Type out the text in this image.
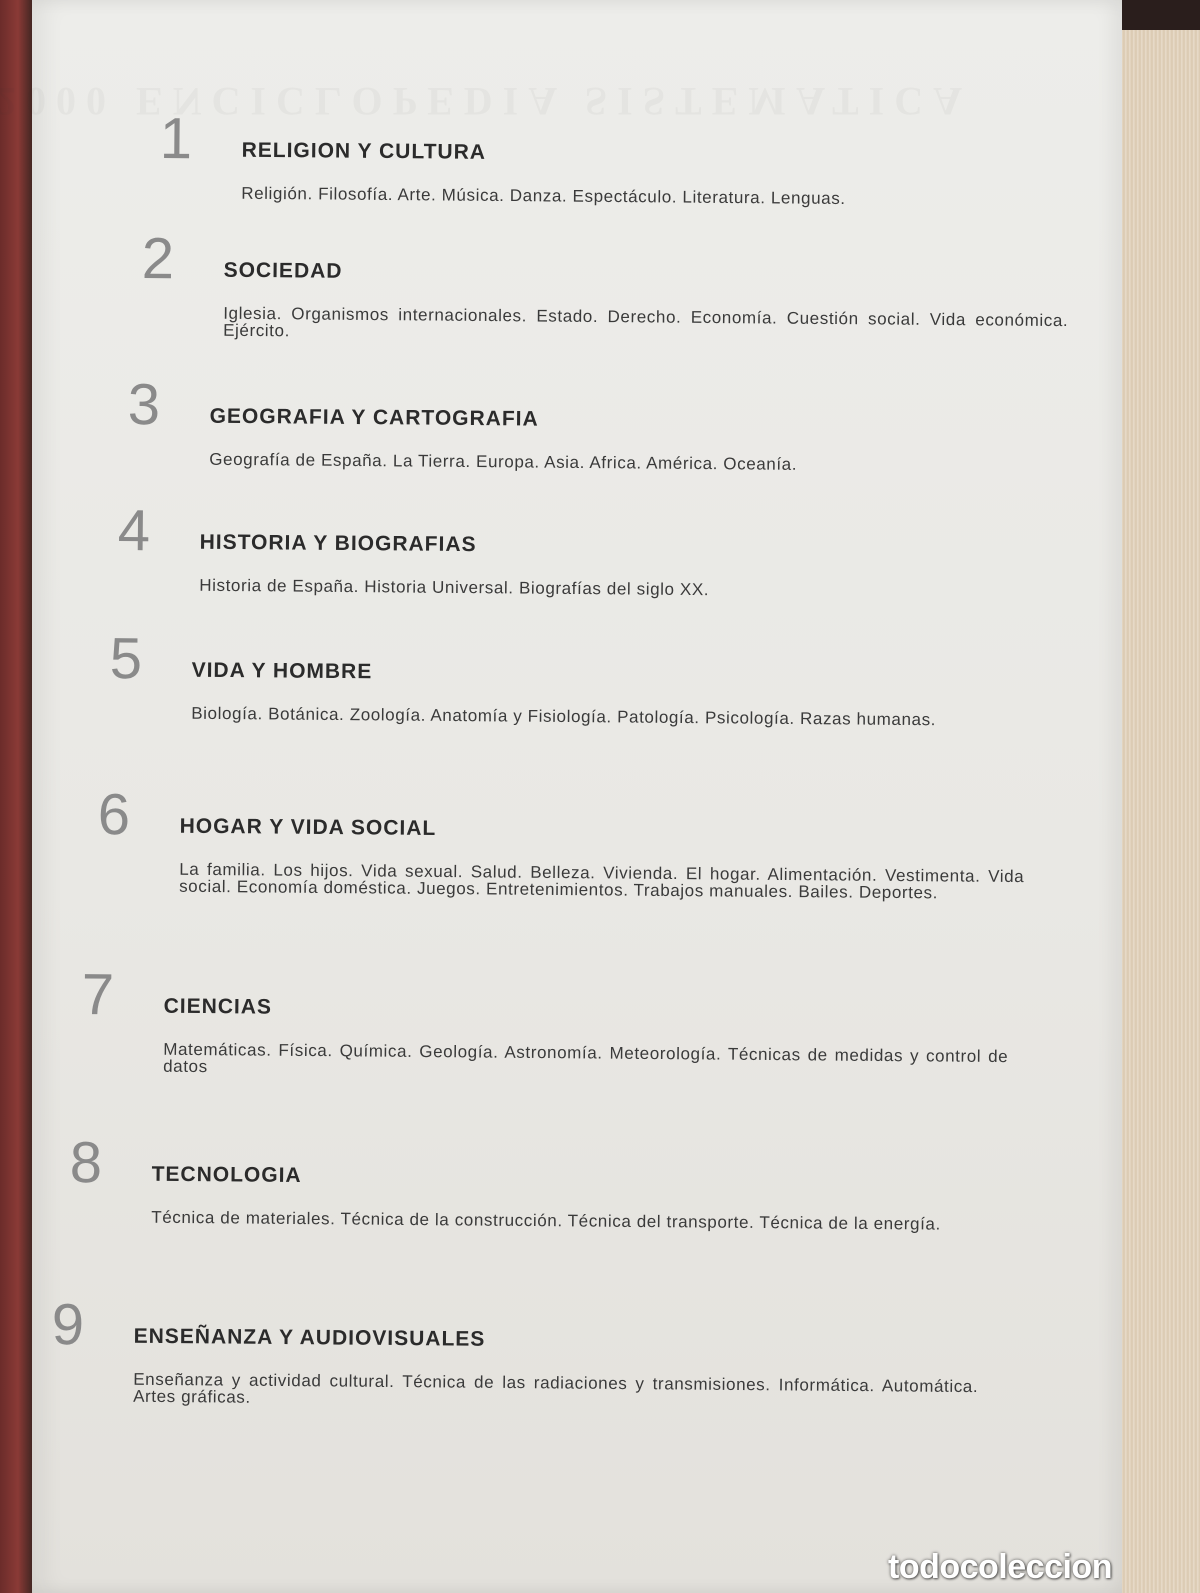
1	RELIGION Y CULTURA
Religión. Filosofía. Arte. Música. Danza. Espectáculo. Literatura. Lenguas.
2	SOCIEDAD
Iglesia. Organismos internacionales. Estado. Derecho. Economía. Cuestión social. Vida económica. Ejército.
3	GEOGRAFIA Y CARTOGRAFIA
Geografía de España. La Tierra. Europa. Asia. Africa. América. Oceanía.
4	HISTORIA Y BIOGRAFIAS
Historia de España. Historia Universal. Biografías del siglo XX.
5	VIDA Y HOMBRE
Biología. Botánica. Zoología. Anatomía y Fisiología. Patología. Psicología. Razas humanas.
6	HOGAR Y VIDA SOCIAL
La familia. Los hijos. Vida sexual. Salud. Belleza. Vivienda. El hogar. Alimentación. Vestimenta. Vida social. Economía doméstica. Juegos. Entretenimientos. Trabajos manuales. Bailes. Deportes.
7	CIENCIAS
Matemáticas. Física. Química. Geología. Astronomía. Meteorología. Técnicas de medidas y control de datos
8	TECNOLOGIA
Técnica de materiales. Técnica de la construcción. Técnica del transporte. Técnica de la energía.
9	ENSEÑANZA Y AUDIOVISUALES
Enseñanza y actividad cultural. Técnica de las radiaciones y transmisiones. Informática. Automática. Artes gráficas.
todocoleccion
